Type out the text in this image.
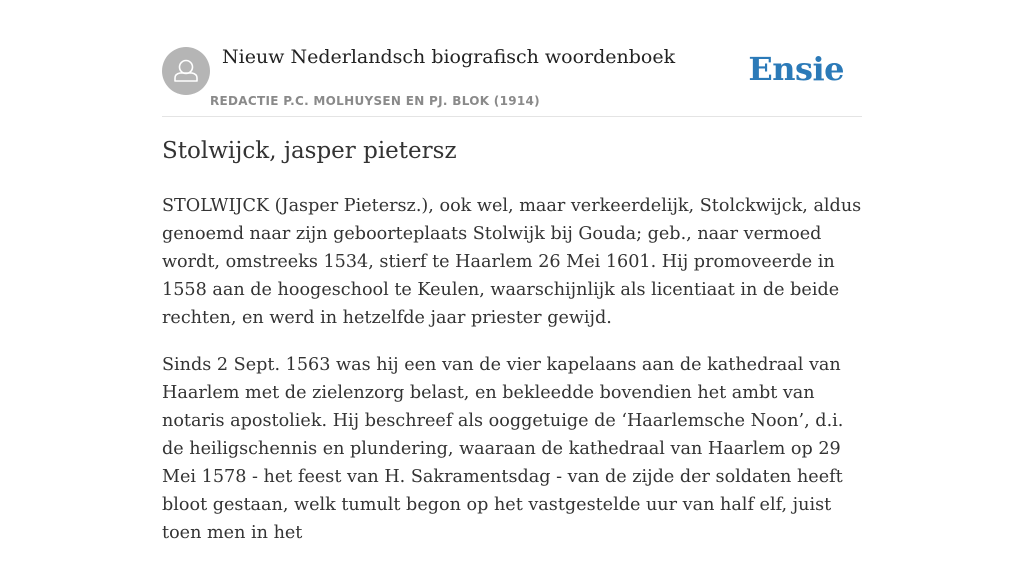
Nieuw Nederlandsch biografisch woordenboek
REDACTIE P.C. MOLHUYSEN EN PJ. BLOK (1914)
Ensie
Stolwijck, jasper pietersz

STOLWIJCK (Jasper Pietersz.), ook wel, maar verkeerdelijk, Stolckwijck, aldus genoemd naar zijn geboorteplaats Stolwijk bij Gouda; geb., naar vermoed wordt, omstreeks 1534, stierf te Haarlem 26 Mei 1601. Hij promoveerde in 1558 aan de hoogeschool te Keulen, waarschijnlijk als licentiaat in de beide rechten, en werd in hetzelfde jaar priester gewijd.

Sinds 2 Sept. 1563 was hij een van de vier kapelaans aan de kathedraal van Haarlem met de zielenzorg belast, en bekleedde bovendien het ambt van notaris apostoliek. Hij beschreef als ooggetuige de ‘Haarlemsche Noon’, d.i. de heiligschennis en plundering, waaraan de kathedraal van Haarlem op 29 Mei 1578 - het feest van H. Sakramentsdag - van de zijde der soldaten heeft bloot gestaan, welk tumult begon op het vastgestelde uur van half elf, juist toen men in het
